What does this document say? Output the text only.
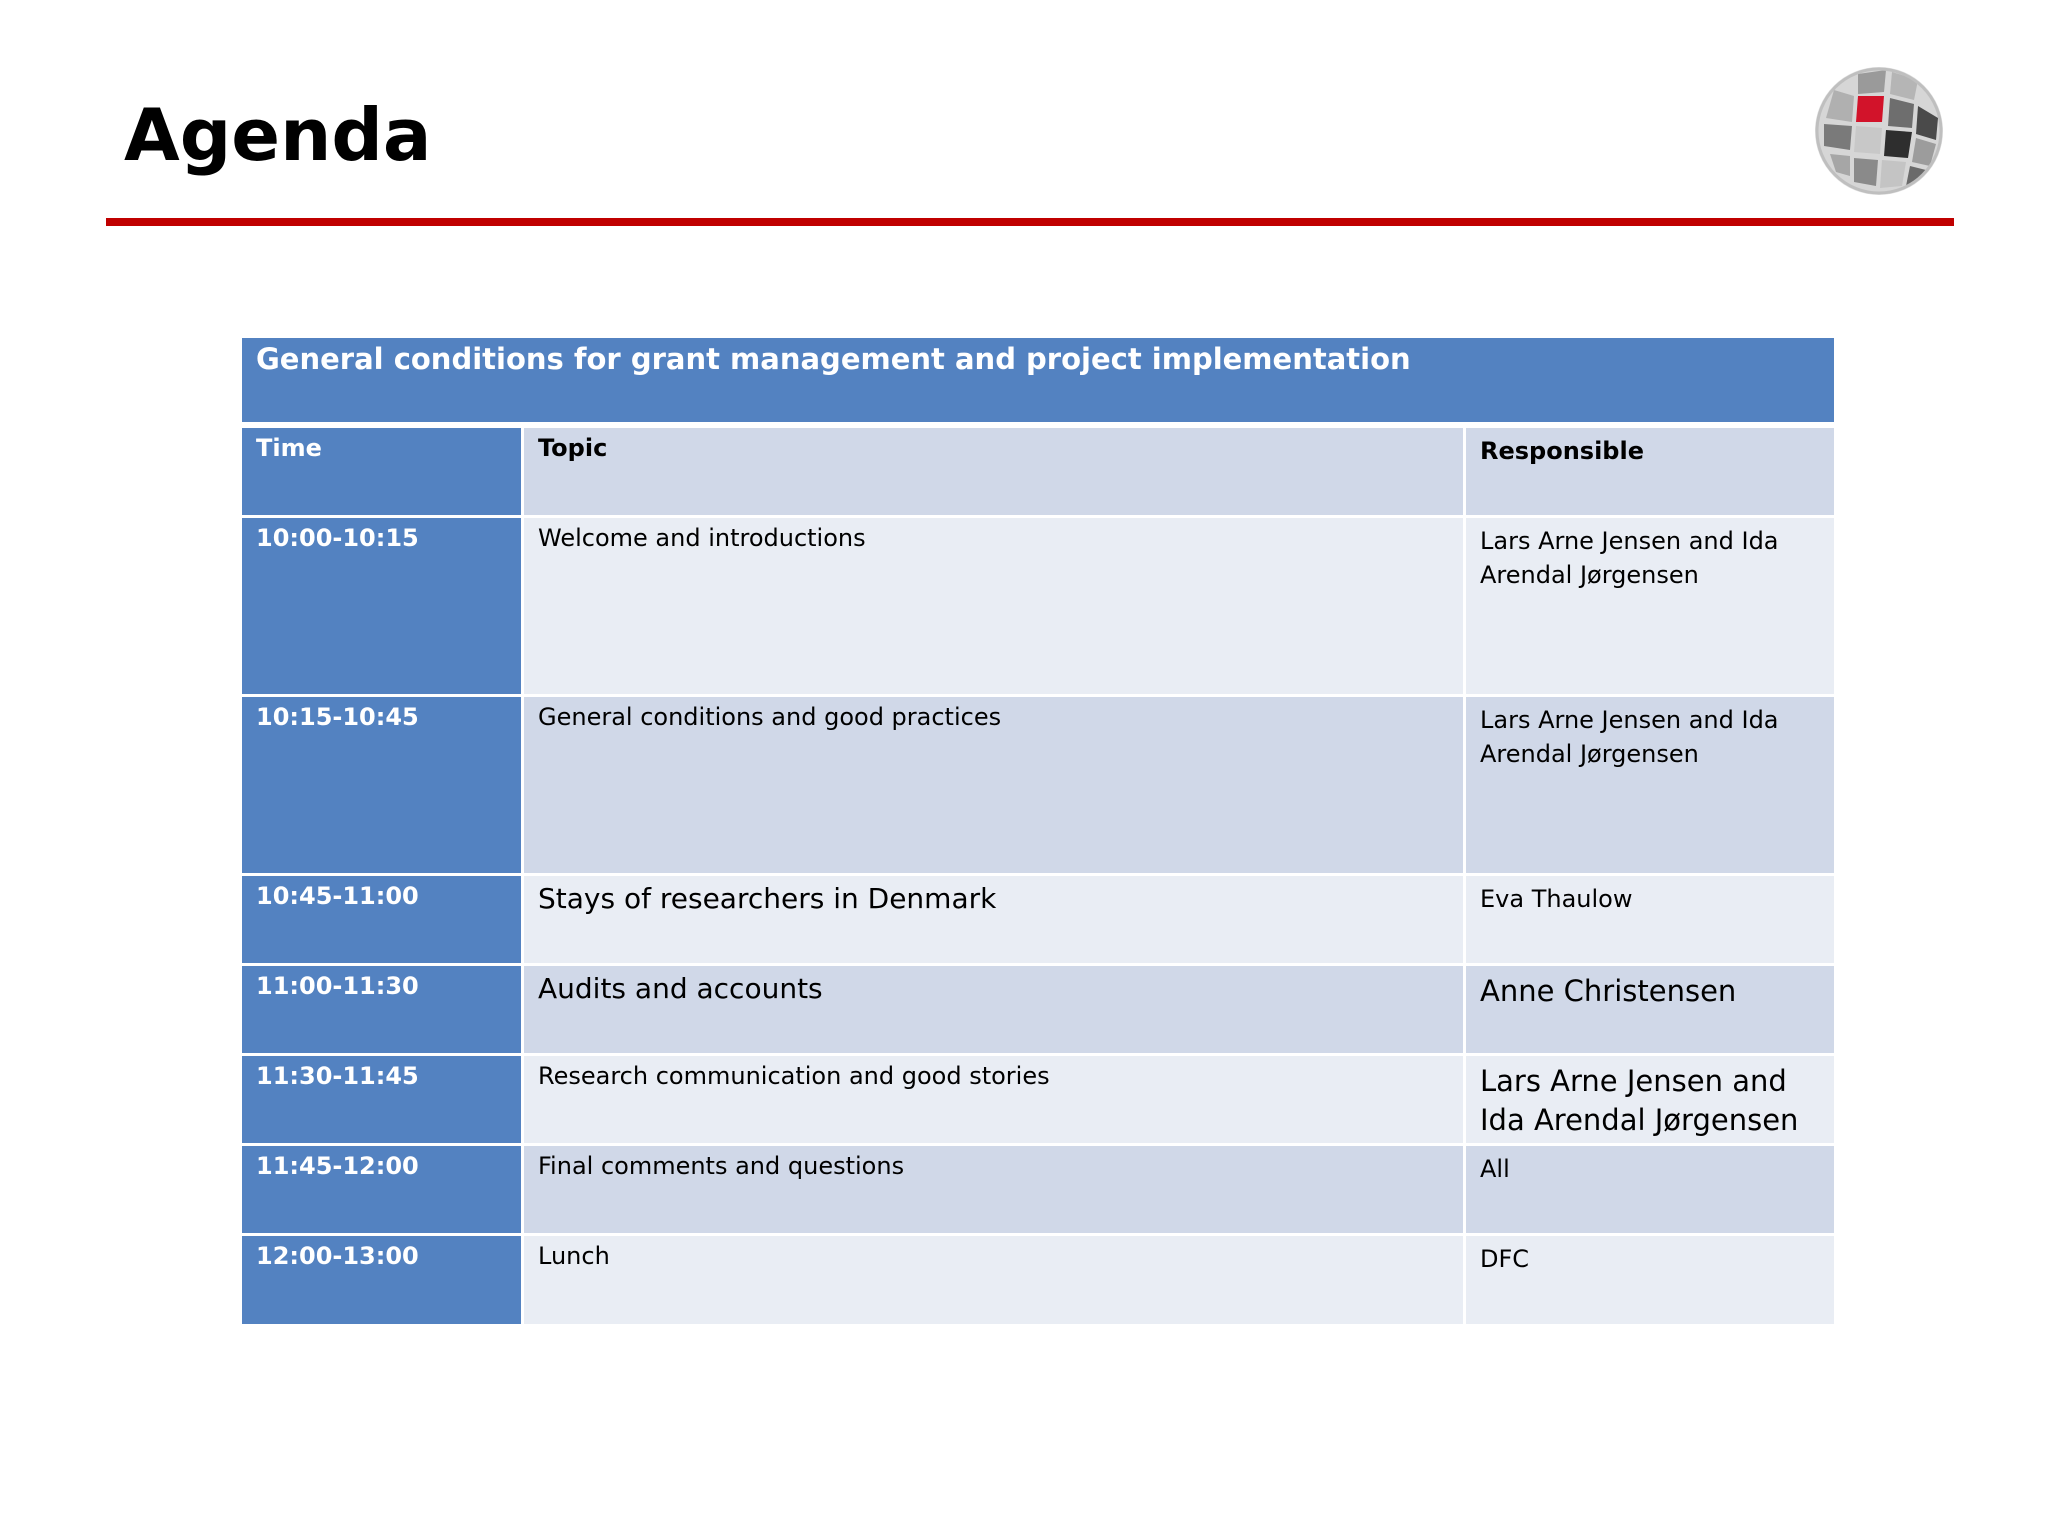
Agenda
General conditions for grant management and project implementation
Time	Topic	Responsible
10:00-10:15	Welcome and introductions	Lars Arne Jensen and Ida Arendal Jørgensen
10:15-10:45	General conditions and good practices	Lars Arne Jensen and Ida Arendal Jørgensen
10:45-11:00	Stays of researchers in Denmark	Eva Thaulow
11:00-11:30	Audits and accounts	Anne Christensen
11:30-11:45	Research communication and good stories	Lars Arne Jensen and Ida Arendal Jørgensen
11:45-12:00	Final comments and questions	All
12:00-13:00	Lunch	DFC
